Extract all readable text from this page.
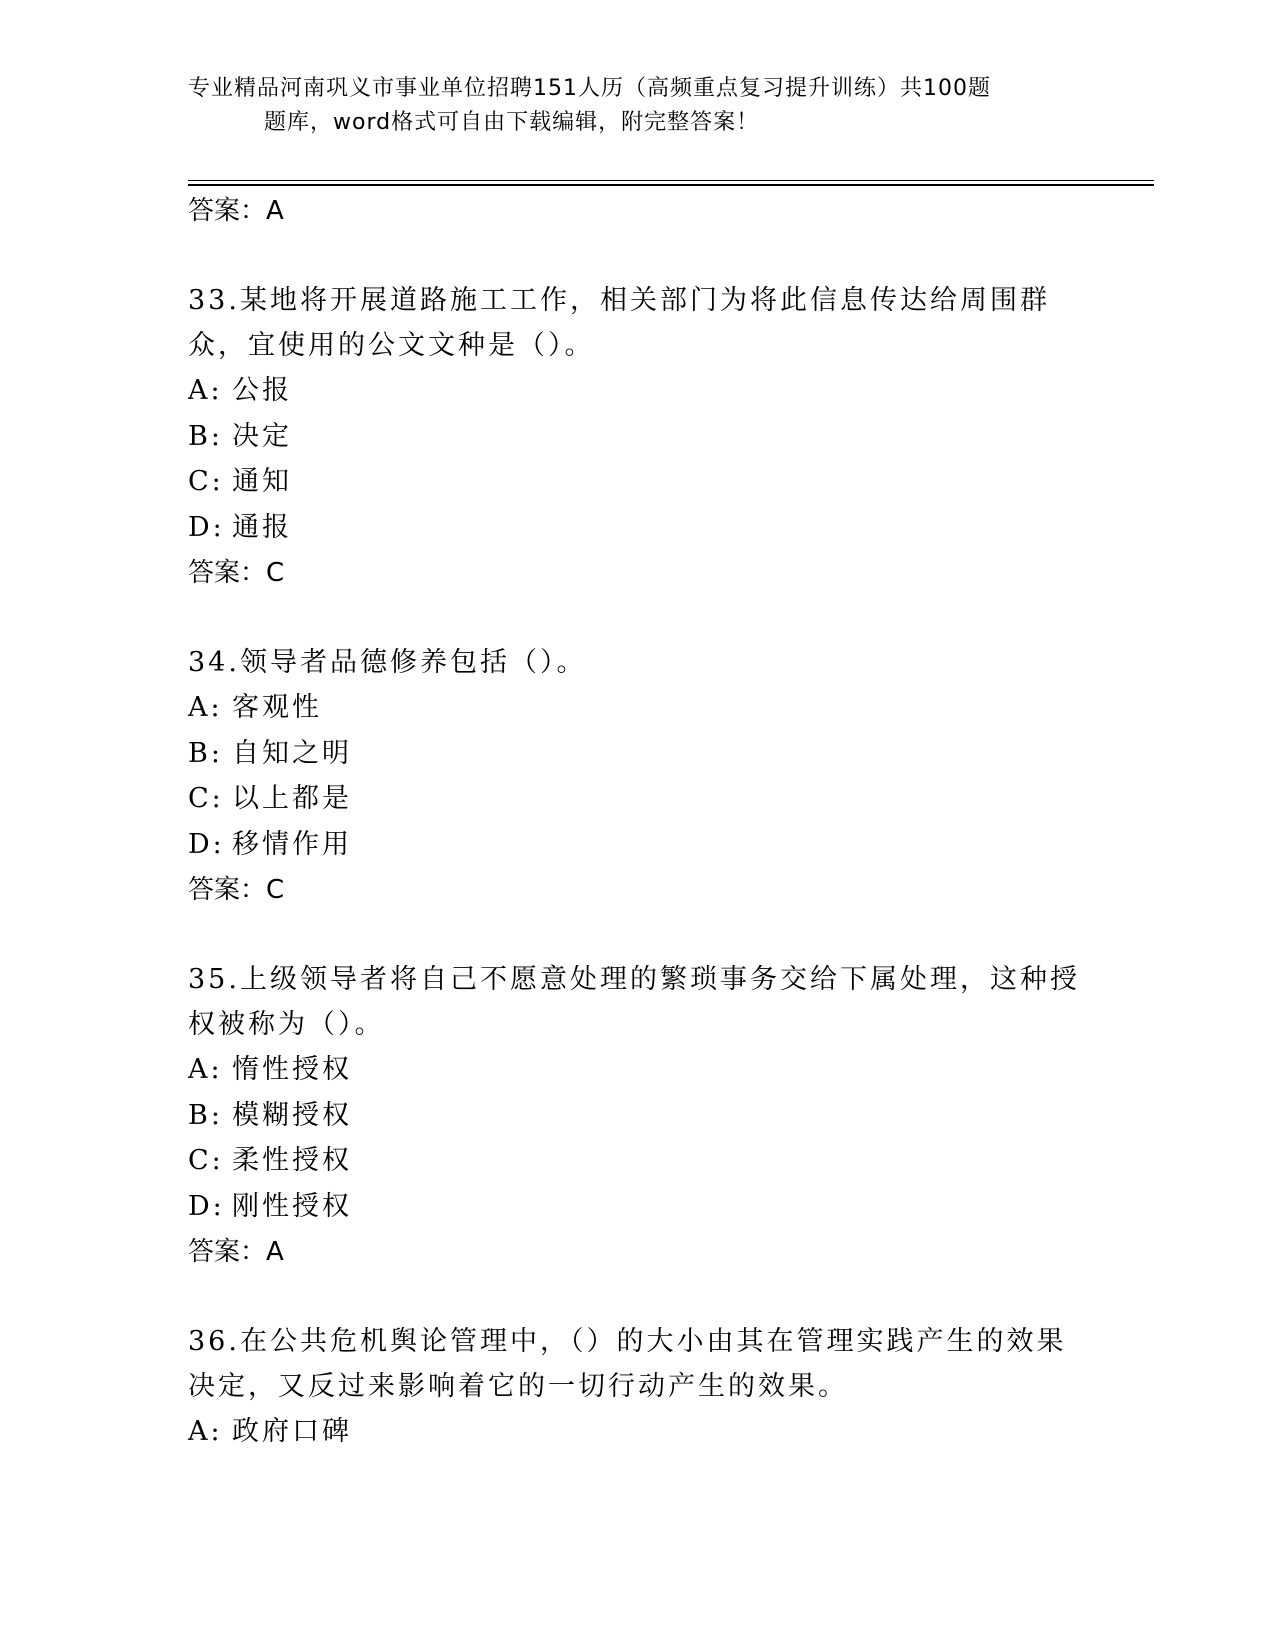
专业精品河南巩义市事业单位招聘151人历（高频重点复习提升训练）共100题
题库，word格式可自由下载编辑，附完整答案！

答案：A

33.某地将开展道路施工工作，相关部门为将此信息传达给周围群众，宜使用的公文文种是（）。

A: 公报

B: 决定

C: 通知

D: 通报

答案：C

34.领导者品德修养包括（）。

A: 客观性

B: 自知之明

C: 以上都是

D: 移情作用

答案：C

35.上级领导者将自己不愿意处理的繁琐事务交给下属处理，这种授权被称为（）。

A: 惰性授权

B: 模糊授权

C: 柔性授权

D: 刚性授权

答案：A

36.在公共危机舆论管理中，（）的大小由其在管理实践产生的效果决定，又反过来影响着它的一切行动产生的效果。

A: 政府口碑
